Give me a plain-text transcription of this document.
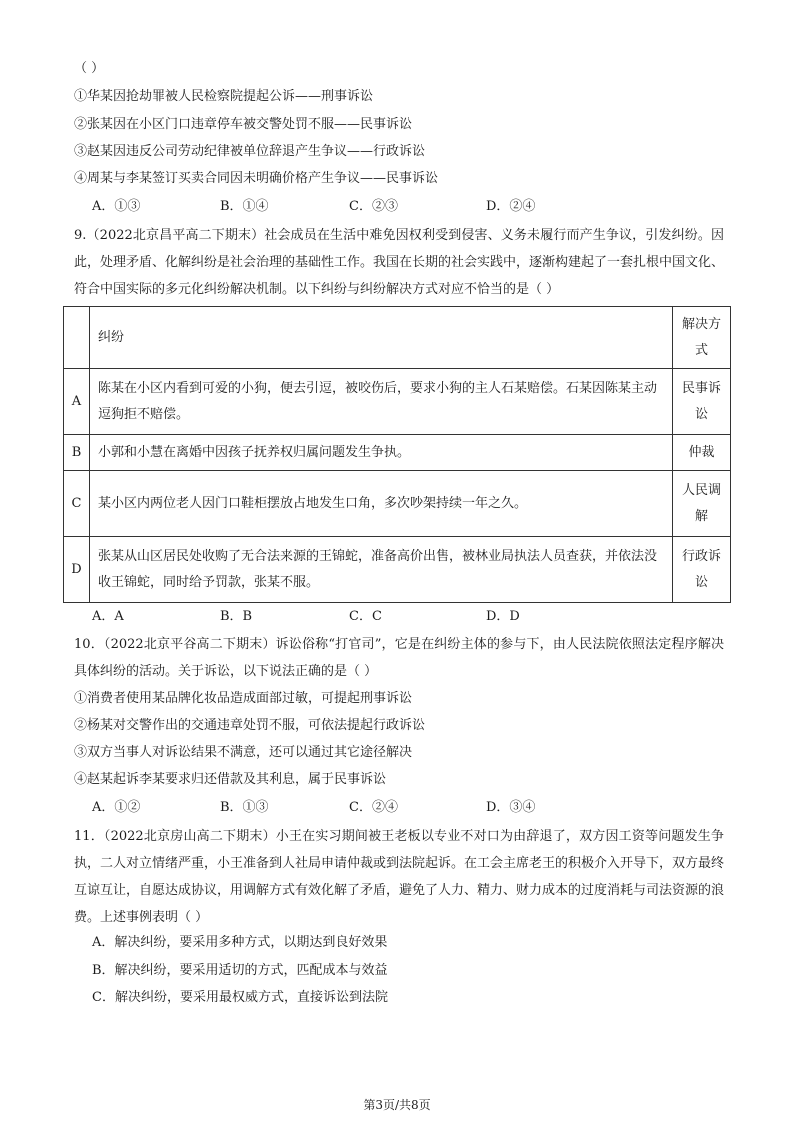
（ ）
①华某因抢劫罪被人民检察院提起公诉——刑事诉讼
②张某因在小区门口违章停车被交警处罚不服——民事诉讼
③赵某因违反公司劳动纪律被单位辞退产生争议——行政诉讼
④周某与李某签订买卖合同因未明确价格产生争议——民事诉讼
A．①③	B．①④	C．②③	D．②④
9.（2022北京昌平高二下期末）社会成员在生活中难免因权利受到侵害、义务未履行而产生争议，引发纠纷。因此，处理矛盾、化解纠纷是社会治理的基础性工作。我国在长期的社会实践中，逐渐构建起了一套扎根中国文化、符合中国实际的多元化纠纷解决机制。以下纠纷与纠纷解决方式对应不恰当的是（ ）
	纠纷	解决方式
A	陈某在小区内看到可爱的小狗，便去引逗，被咬伤后，要求小狗的主人石某赔偿。石某因陈某主动逗狗拒不赔偿。	民事诉讼
B	小郭和小慧在离婚中因孩子抚养权归属问题发生争执。	仲裁
C	某小区内两位老人因门口鞋柜摆放占地发生口角，多次吵架持续一年之久。	人民调解
D	张某从山区居民处收购了无合法来源的王锦蛇，准备高价出售，被林业局执法人员查获，并依法没收王锦蛇，同时给予罚款，张某不服。	行政诉讼
A．A	B．B	C．C	D．D
10．（2022北京平谷高二下期末）诉讼俗称“打官司”，它是在纠纷主体的参与下，由人民法院依照法定程序解决具体纠纷的活动。关于诉讼，以下说法正确的是（ ）
①消费者使用某品牌化妆品造成面部过敏，可提起刑事诉讼
②杨某对交警作出的交通违章处罚不服，可依法提起行政诉讼
③双方当事人对诉讼结果不满意，还可以通过其它途径解决
④赵某起诉李某要求归还借款及其利息，属于民事诉讼
A．①②	B．①③	C．②④	D．③④
11．（2022北京房山高二下期末）小王在实习期间被王老板以专业不对口为由辞退了，双方因工资等问题发生争执，二人对立情绪严重，小王准备到人社局申请仲裁或到法院起诉。在工会主席老王的积极介入开导下，双方最终互谅互让，自愿达成协议，用调解方式有效化解了矛盾，避免了人力、精力、财力成本的过度消耗与司法资源的浪费。上述事例表明（ ）
A．解决纠纷，要采用多种方式，以期达到良好效果
B．解决纠纷，要采用适切的方式，匹配成本与效益
C．解决纠纷，要采用最权威方式，直接诉讼到法院
第3页/共8页
